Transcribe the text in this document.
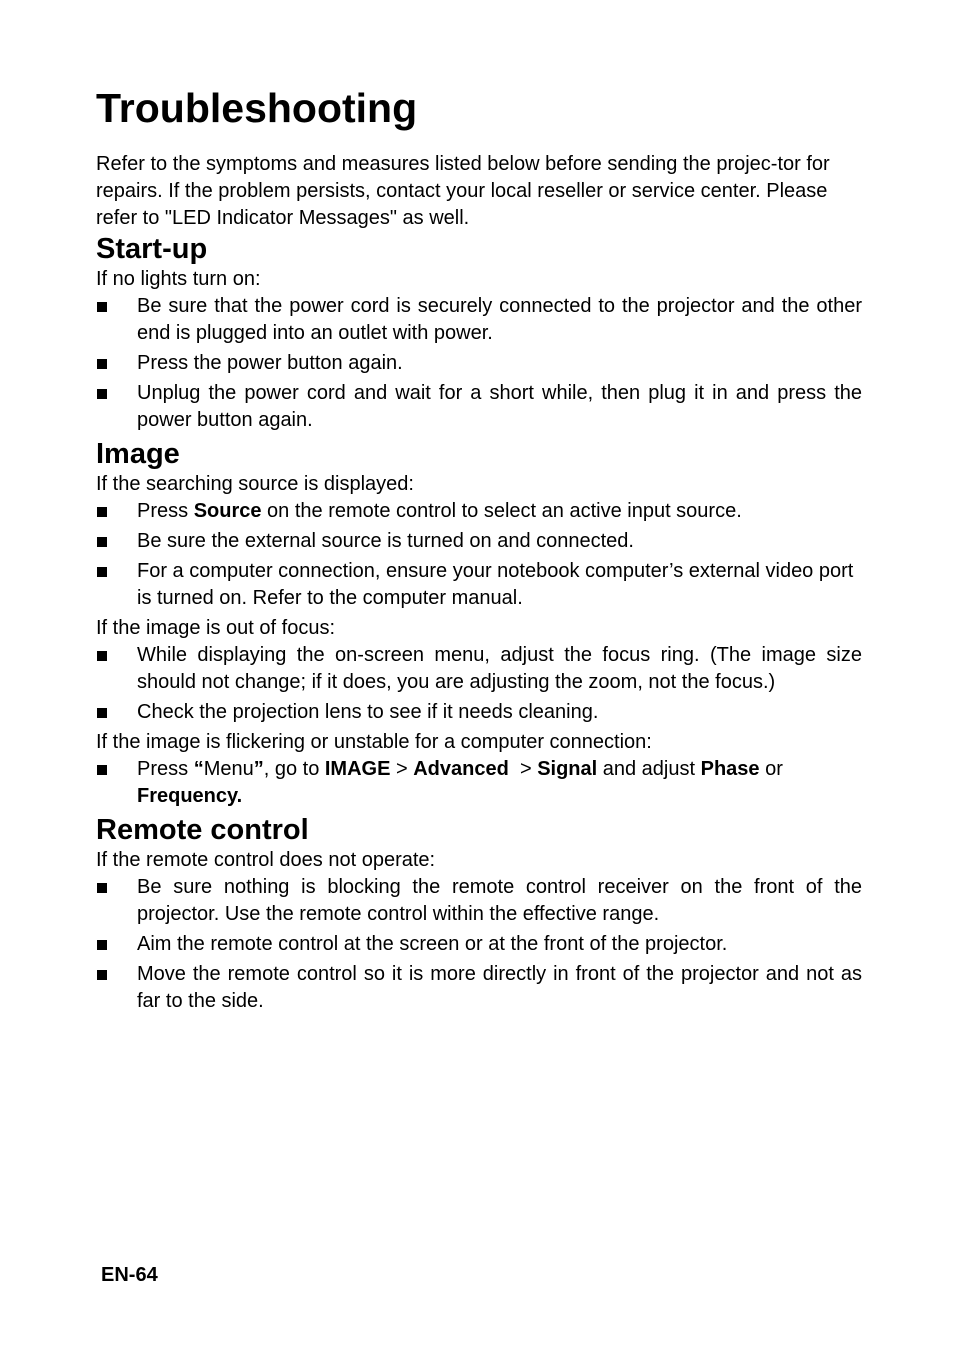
Troubleshooting

Refer to the symptoms and measures listed below before sending the projec-tor for repairs. If the problem persists, contact your local reseller or service center. Please refer to "LED Indicator Messages" as well.

Start-up

If no lights turn on:

Be sure that the power cord is securely connected to the projector and the other end is plugged into an outlet with power.
Press the power button again.
Unplug the power cord and wait for a short while, then plug it in and press the power button again.
Image

If the searching source is displayed:

Press Source on the remote control to select an active input source.
Be sure the external source is turned on and connected.
For a computer connection, ensure your notebook computer’s external video port is turned on. Refer to the computer manual.

If the image is out of focus:

While displaying the on-screen menu, adjust the focus ring. (The image size should not change; if it does, you are adjusting the zoom, not the focus.)
Check the projection lens to see if it needs cleaning.

If the image is flickering or unstable for a computer connection:

Press “Menu”, go to IMAGE > Advanced  > Signal and adjust Phase or Frequency.
Remote control

If the remote control does not operate:

Be sure nothing is blocking the remote control receiver on the front of the projector. Use the remote control within the effective range.
Aim the remote control at the screen or at the front of the projector.
Move the remote control so it is more directly in front of the projector and not as far to the side.
EN-64
